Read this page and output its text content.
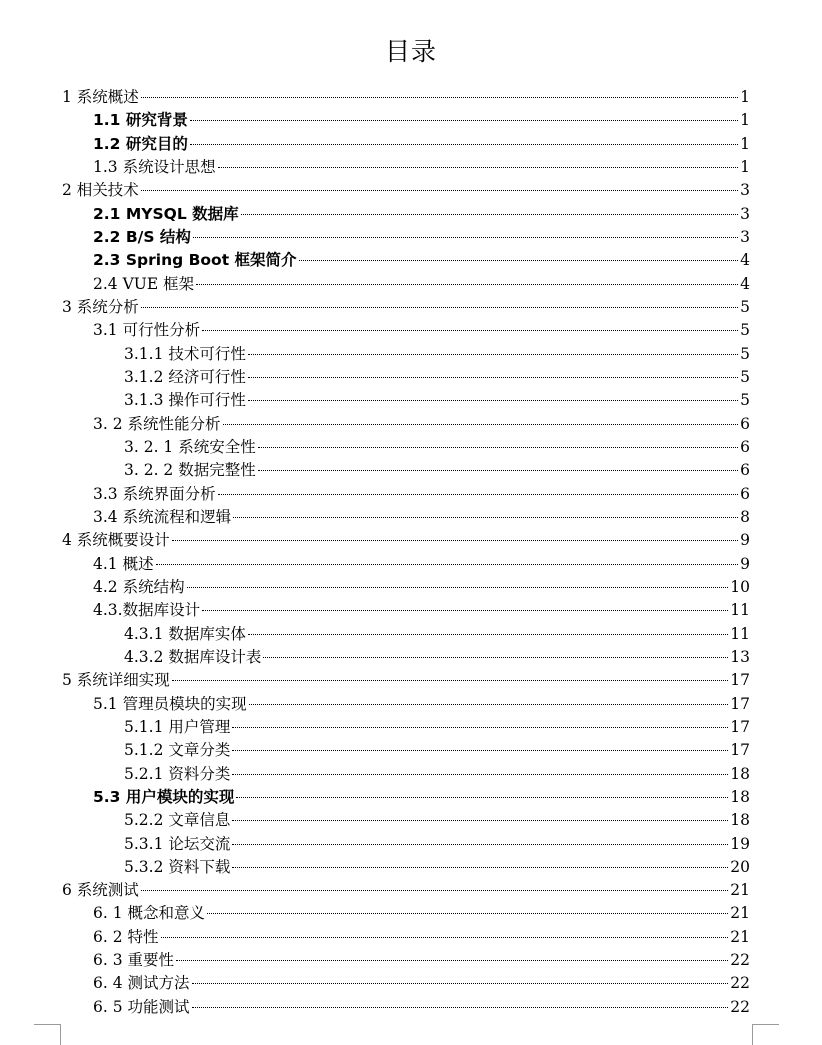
目录
1 系统概述	1
1.1 研究背景	1
1.2 研究目的	1
1.3 系统设计思想	1
2 相关技术	3
2.1 MYSQL 数据库	3
2.2 B/S 结构	3
2.3 Spring Boot 框架简介	4
2.4 VUE 框架	4
3 系统分析	5
3.1 可行性分析	5
3.1.1 技术可行性	5
3.1.2 经济可行性	5
3.1.3 操作可行性	5
3. 2 系统性能分析	6
3. 2. 1 系统安全性	6
3. 2. 2 数据完整性	6
3.3 系统界面分析	6
3.4 系统流程和逻辑	8
4 系统概要设计	9
4.1 概述	9
4.2 系统结构	10
4.3.数据库设计	11
4.3.1 数据库实体	11
4.3.2 数据库设计表	13
5 系统详细实现	17
5.1 管理员模块的实现	17
5.1.1 用户管理	17
5.1.2 文章分类	17
5.2.1 资料分类	18
5.3 用户模块的实现	18
5.2.2 文章信息	18
5.3.1 论坛交流	19
5.3.2 资料下载	20
6 系统测试	21
6. 1 概念和意义	21
6. 2 特性	21
6. 3 重要性	22
6. 4 测试方法	22
6. 5 功能测试	22
